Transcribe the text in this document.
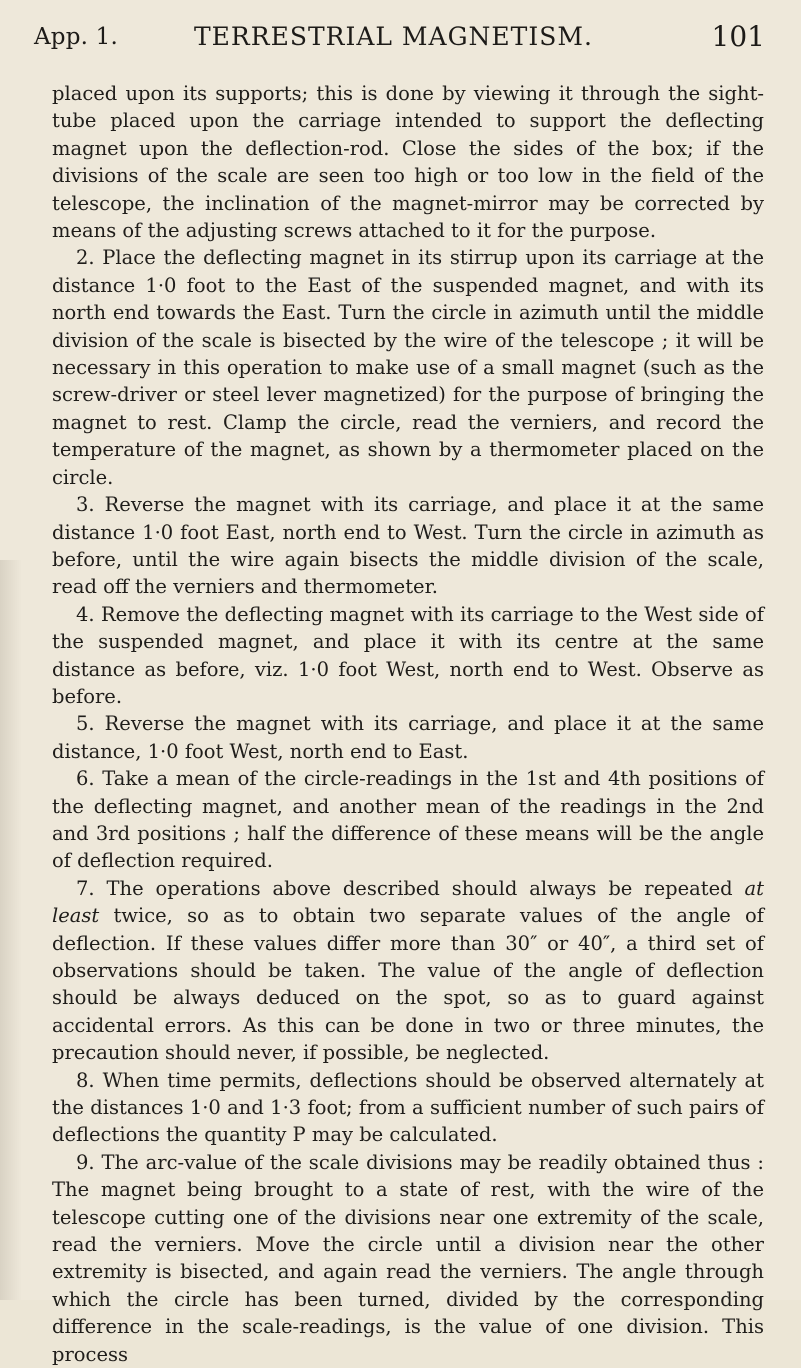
App. 1.	TERRESTRIAL MAGNETISM.	101

placed upon its supports; this is done by viewing it through the sight-tube placed upon the carriage intended to support the deflecting magnet upon the deflection-rod. Close the sides of the box; if the divisions of the scale are seen too high or too low in the field of the telescope, the inclination of the magnet-mirror may be corrected by means of the adjusting screws attached to it for the purpose.

2. Place the deflecting magnet in its stirrup upon its carriage at the distance 1·0 foot to the East of the suspended magnet, and with its north end towards the East. Turn the circle in azimuth until the middle division of the scale is bisected by the wire of the telescope ; it will be necessary in this operation to make use of a small magnet (such as the screw-driver or steel lever magnetized) for the purpose of bringing the magnet to rest. Clamp the circle, read the verniers, and record the temperature of the magnet, as shown by a thermometer placed on the circle.

3. Reverse the magnet with its carriage, and place it at the same distance 1·0 foot East, north end to West. Turn the circle in azimuth as before, until the wire again bisects the middle division of the scale, read off the verniers and thermometer.

4. Remove the deflecting magnet with its carriage to the West side of the suspended magnet, and place it with its centre at the same distance as before, viz. 1·0 foot West, north end to West. Observe as before.

5. Reverse the magnet with its carriage, and place it at the same distance, 1·0 foot West, north end to East.

6. Take a mean of the circle-readings in the 1st and 4th positions of the deflecting magnet, and another mean of the readings in the 2nd and 3rd positions ; half the difference of these means will be the angle of deflection required.

7. The operations above described should always be repeated at least twice, so as to obtain two separate values of the angle of deflection. If these values differ more than 30″ or 40″, a third set of observations should be taken. The value of the angle of deflection should be always deduced on the spot, so as to guard against accidental errors. As this can be done in two or three minutes, the precaution should never, if possible, be neglected.

8. When time permits, deflections should be observed alternately at the distances 1·0 and 1·3 foot; from a sufficient number of such pairs of deflections the quantity P may be calculated.

9. The arc-value of the scale divisions may be readily obtained thus : The magnet being brought to a state of rest, with the wire of the telescope cutting one of the divisions near one extremity of the scale, read the verniers. Move the circle until a division near the other extremity is bisected, and again read the verniers. The angle through which the circle has been turned, divided by the corresponding difference in the scale-readings, is the value of one division. This process
